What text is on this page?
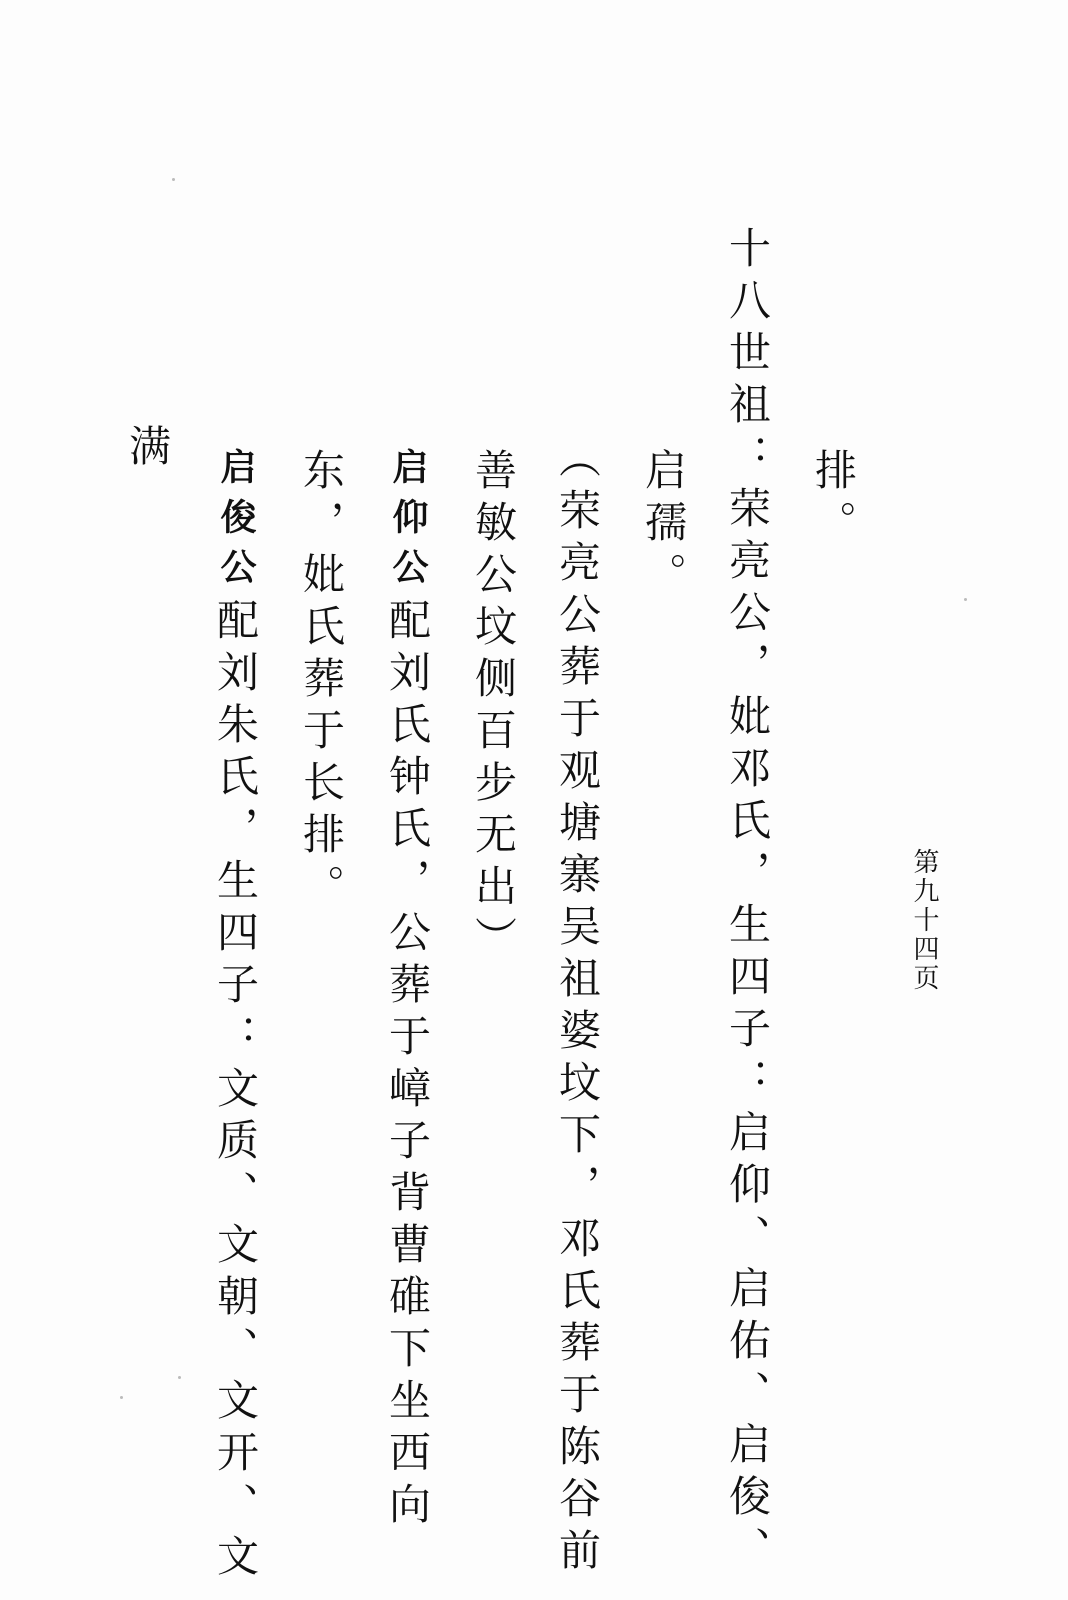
第九十四页
排。
十八世祖：荣亮公，妣邓氏，生四子：启仰、启佑、启俊、
启孺。
（荣亮公葬于观塘寨吴祖婆坟下，邓氏葬于陈谷前
善敏公坟侧百步无出）
启仰公配刘氏钟氏，公葬于嶂子背曹碓下坐西向
东，妣氏葬于长排。
启俊公配刘朱氏，生四子：文质、文朝、文开、文
满
